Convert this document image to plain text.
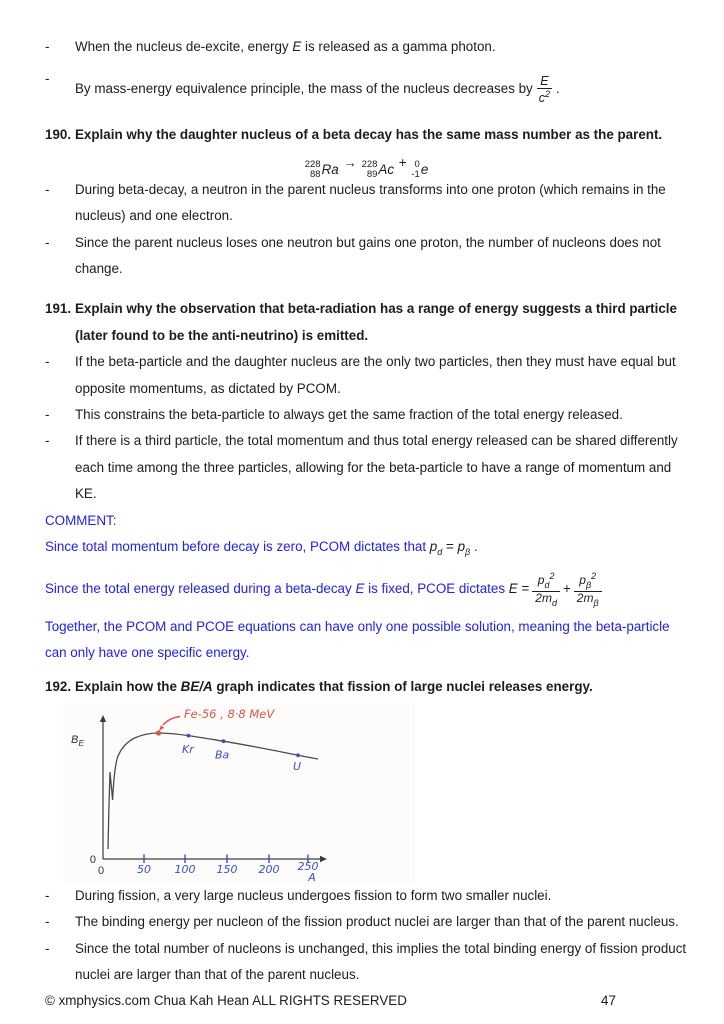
-	When the nucleus de-excite, energy E is released as a gamma photon.
-
By mass-energy equivalence principle, the mass of the nucleus decreases by $\frac{E}{c^2}$ .
190. Explain why the daughter nucleus of a beta decay has the same mass number as the parent.
228
88 Ra → 228
89 Ac + 0
-1 e
-	During beta-decay, a neutron in the parent nucleus transforms into one proton (which remains in the nucleus) and one electron.
-	Since the parent nucleus loses one neutron but gains one proton, the number of nucleons does not change.
191. Explain why the observation that beta-radiation has a range of energy suggests a third particle (later found to be the anti-neutrino) is emitted.
-	If the beta-particle and the daughter nucleus are the only two particles, then they must have equal but opposite momentums, as dictated by PCOM.
-	This constrains the beta-particle to always get the same fraction of the total energy released.
-	If there is a third particle, the total momentum and thus total energy released can be shared differently each time among the three particles, allowing for the beta-particle to have a range of momentum and KE.
COMMENT:
Since total momentum before decay is zero, PCOM dictates that $p_d = p_\beta$ .
Since the total energy released during a beta-decay
E
is fixed, PCOE dictates
E
= $\frac{p_d^2}{2m_d} + \frac{p_\beta^2}{2m_\beta}$
Together, the PCOM and PCOE equations can have only one possible solution, meaning the beta-particle can only have one specific energy.
192. Explain how the BE/A graph indicates that fission of large nuclei releases energy.
$B_E$
0
0	50 100 150 200 250
A
Kr Ba
U
Fe-56 , 8·8 MeV
-	During fission, a very large nucleus undergoes fission to form two smaller nuclei.
-	The binding energy per nucleon of the fission product nuclei are larger than that of the parent nucleus.
-	Since the total number of nucleons is unchanged, this implies the total binding energy of fission product nuclei are larger than that of the parent nucleus.
© xmphysics.com Chua Kah Hean ALL RIGHTS RESERVED	47
